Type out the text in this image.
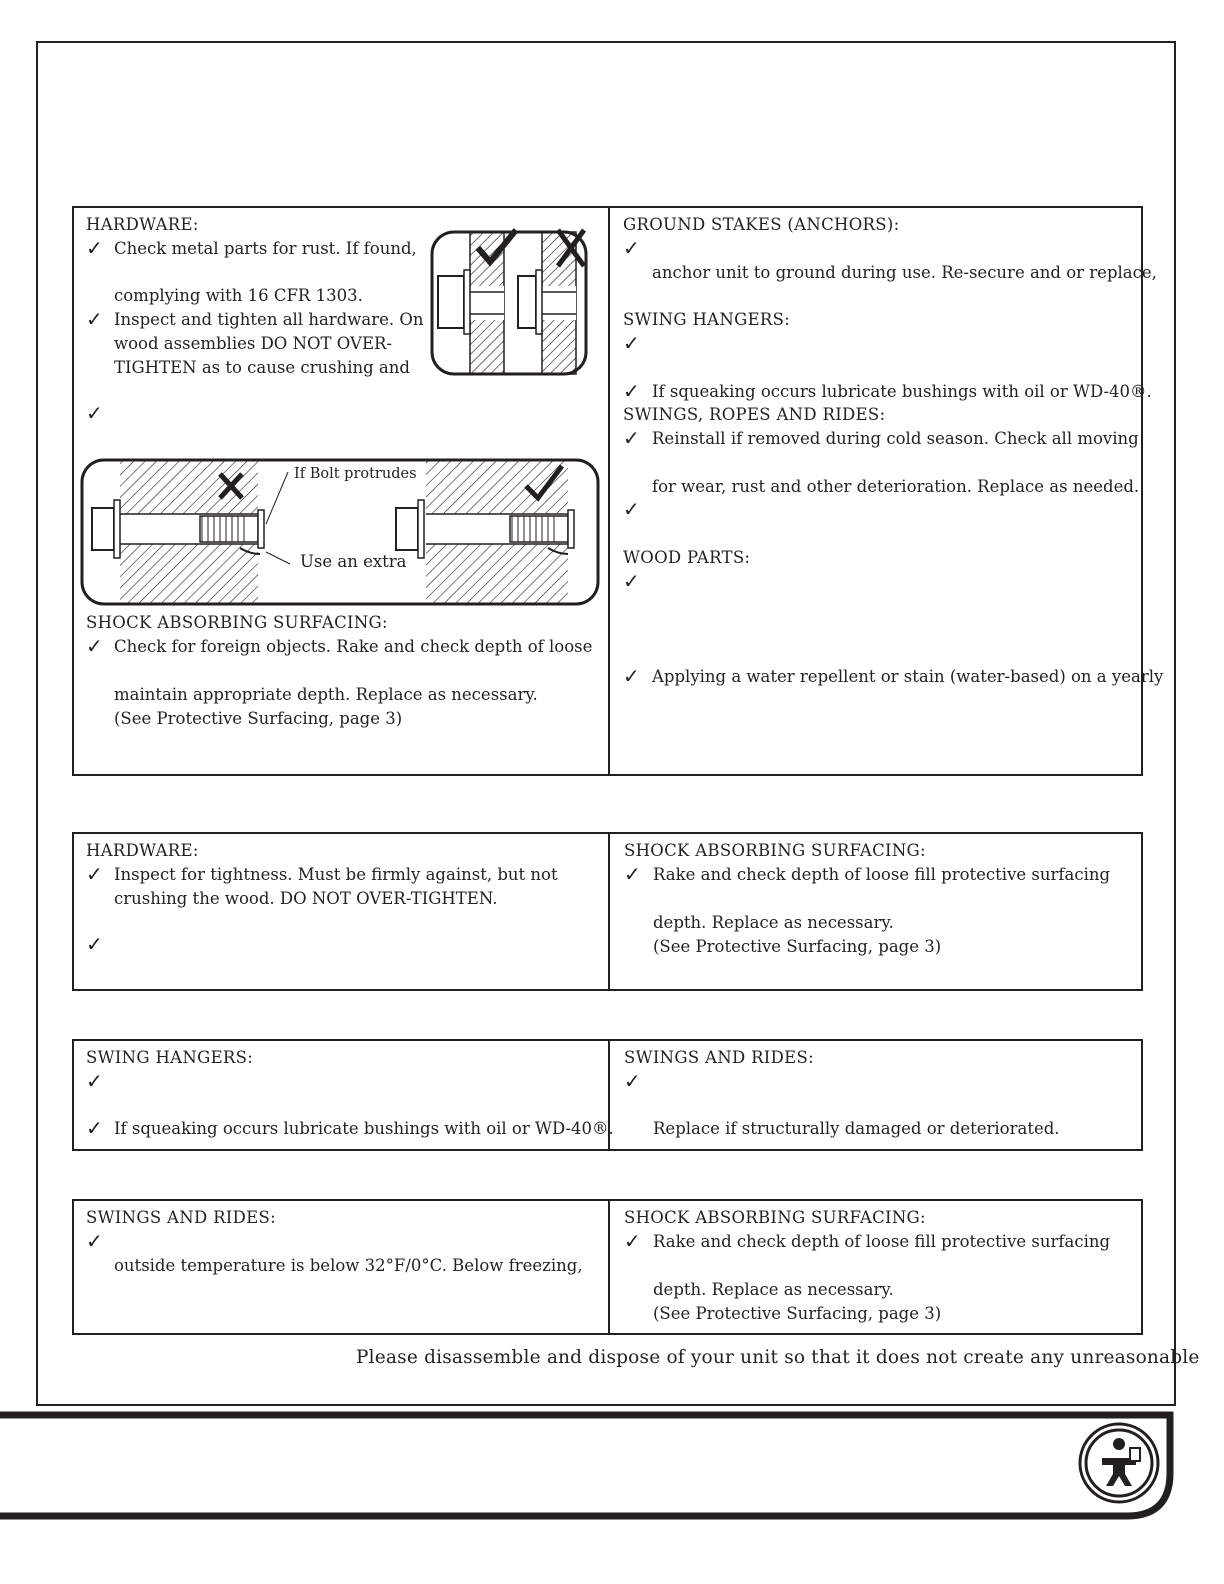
HARDWARE:
✓ Check metal parts for rust. If found,
complying with 16 CFR 1303.
✓ Inspect and tighten all hardware. On
wood assemblies DO NOT OVER-
TIGHTEN as to cause crushing and
✓
If Bolt protrudes
Use an extra
SHOCK ABSORBING SURFACING:
✓ Check for foreign objects. Rake and check depth of loose
maintain appropriate depth. Replace as necessary.
(See Protective Surfacing, page 3)
GROUND STAKES (ANCHORS):
✓
anchor unit to ground during use. Re-secure and or replace,
SWING HANGERS:
✓
✓ If squeaking occurs lubricate bushings with oil or WD-40®.
SWINGS, ROPES AND RIDES:
✓ Reinstall if removed during cold season. Check all moving
for wear, rust and other deterioration. Replace as needed.
✓
WOOD PARTS:
✓
✓ Applying a water repellent or stain (water-based) on a yearly
HARDWARE:
✓ Inspect for tightness. Must be firmly against, but not
crushing the wood. DO NOT OVER-TIGHTEN.
✓
SHOCK ABSORBING SURFACING:
✓ Rake and check depth of loose fill protective surfacing
depth. Replace as necessary.
(See Protective Surfacing, page 3)
SWING HANGERS:
✓
✓ If squeaking occurs lubricate bushings with oil or WD-40®.
SWINGS AND RIDES:
✓
Replace if structurally damaged or deteriorated.
SWINGS AND RIDES:
✓
outside temperature is below 32°F/0°C. Below freezing,
SHOCK ABSORBING SURFACING:
✓ Rake and check depth of loose fill protective surfacing
depth. Replace as necessary.
(See Protective Surfacing, page 3)
Please disassemble and dispose of your unit so that it does not create any unreasonable
